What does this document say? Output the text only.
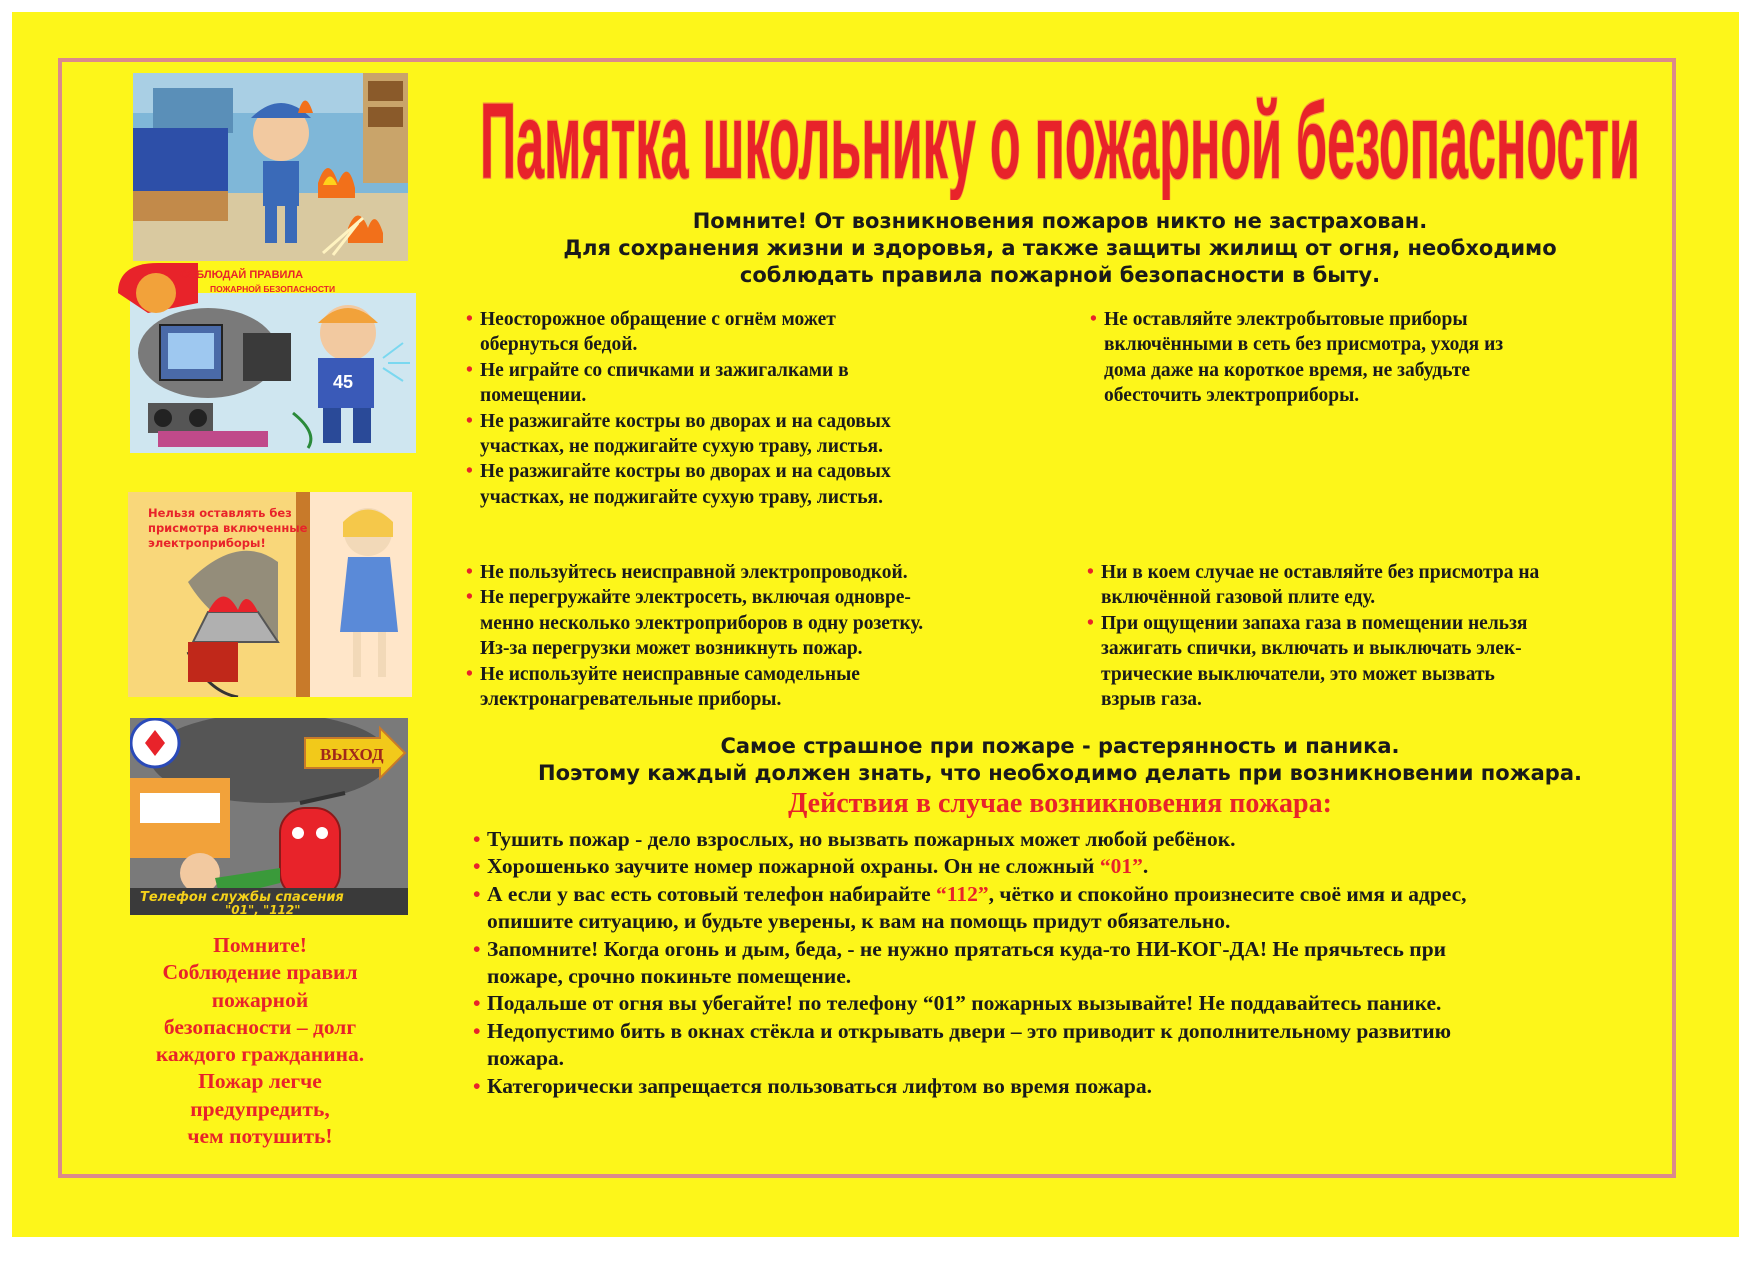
СОБЛЮДАЙ ПРАВИЛА
ПОЖАРНОЙ БЕЗОПАСНОСТИ
45
Нельзя оставлять без
присмотра включенные
электроприборы!
ВЫХОД
Телефон службы спасения
"01", "112"
Памятка школьнику о пожарной безопасности
Помните! От возникновения пожаров никто не застрахован.
Для сохранения жизни и здоровья, а также защиты жилищ от огня, необходимо
соблюдать правила пожарной безопасности в быту.
• Неосторожное обращение с огнём может
обернуться бедой.
• Не играйте со спичками и зажигалками в
помещении.
• Не разжигайте костры во дворах и на садовых
участках, не поджигайте сухую траву, листья.
• Не разжигайте костры во дворах и на садовых
участках, не поджигайте сухую траву, листья.
• Не оставляйте электробытовые приборы
включёнными в сеть без присмотра, уходя из
дома даже на короткое время, не забудьте
обесточить электроприборы.
• Не пользуйтесь неисправной электропроводкой.
• Не перегружайте электросеть, включая одновре-
менно несколько электроприборов в одну розетку.
Из-за перегрузки может возникнуть пожар.
• Не используйте неисправные самодельные
электронагревательные приборы.
• Ни в коем случае не оставляйте без присмотра на
включённой газовой плите еду.
• При ощущении запаха газа в помещении нельзя
зажигать спички, включать и выключать элек-
трические выключатели, это может вызвать
взрыв газа.
Самое страшное при пожаре - растерянность и паника.
Поэтому каждый должен знать, что необходимо делать при возникновении пожара.
Действия в случае возникновения пожара:
• Тушить пожар - дело взрослых, но вызвать пожарных может любой ребёнок.
• Хорошенько заучите номер пожарной охраны. Он не сложный “01”.
• А если у вас есть сотовый телефон набирайте “112”, чётко и спокойно произнесите своё имя и адрес,
опишите ситуацию, и будьте уверены, к вам на помощь придут обязательно.
• Запомните! Когда огонь и дым, беда, - не нужно прятаться куда-то НИ-КОГ-ДА! Не прячьтесь при
пожаре, срочно покиньте помещение.
• Подальше от огня вы убегайте! по телефону “01” пожарных вызывайте! Не поддавайтесь панике.
• Недопустимо бить в окнах стёкла и открывать двери – это приводит к дополнительному развитию
пожара.
• Категорически запрещается пользоваться лифтом во время пожара.
Помните!
Соблюдение правил
пожарной
безопасности – долг
каждого гражданина.
Пожар легче
предупредить,
чем потушить!
